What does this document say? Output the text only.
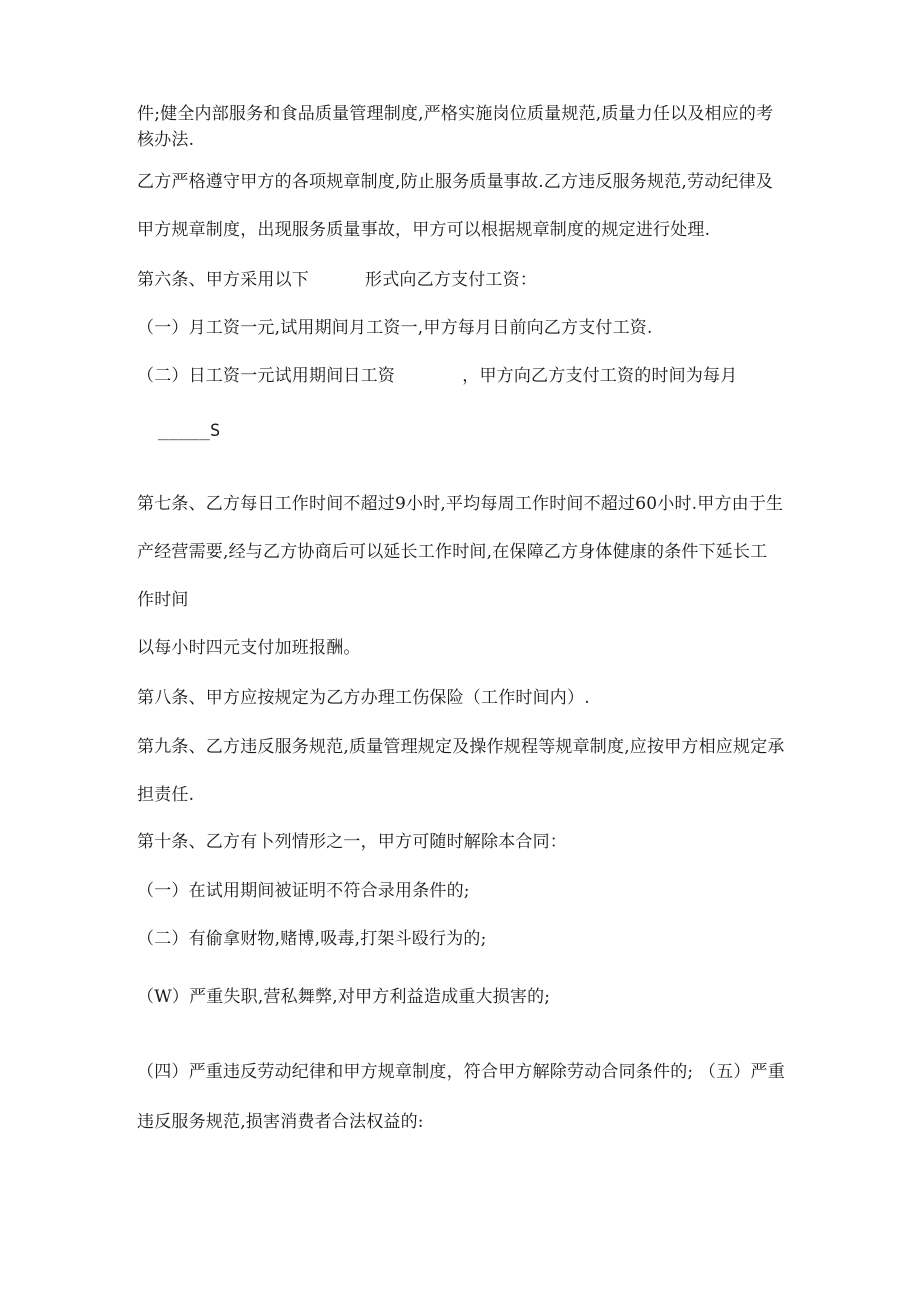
件;健全内部服务和食品质量管理制度,严格实施岗位质量规范,质量力任以及相应的考
核办法.
乙方严格遵守甲方的各项规章制度,防止服务质量事故.乙方违反服务规范,劳动纪律及
甲方规章制度，出现服务质量事故，甲方可以根据规章制度的规定进行处理.
第六条、甲方采用以下          形式向乙方支付工资：
（一）月工资一元,试用期间月工资一,甲方每月日前向乙方支付工资.
（二）日工资一元试用期间日工资            ，甲方向乙方支付工资的时间为每月
_____S
第七条、乙方每日工作时间不超过9小时,平均每周工作时间不超过60小时.甲方由于生
产经营需要,经与乙方协商后可以延长工作时间,在保障乙方身体健康的条件下延长工
作时间
以每小时四元支付加班报酬。
第八条、甲方应按规定为乙方办理工伤保险（工作时间内）.
第九条、乙方违反服务规范,质量管理规定及操作规程等规章制度,应按甲方相应规定承
担责任.
第十条、乙方有卜列情形之一，甲方可随时解除本合同：
（一）在试用期间被证明不符合录用条件的;
（二）有偷拿财物,赌博,吸毒,打架斗殴行为的;
（W）严重失职,营私舞弊,对甲方利益造成重大损害的;
（四）严重违反劳动纪律和甲方规章制度，符合甲方解除劳动合同条件的; （五）严重
违反服务规范,损害消费者合法权益的:
